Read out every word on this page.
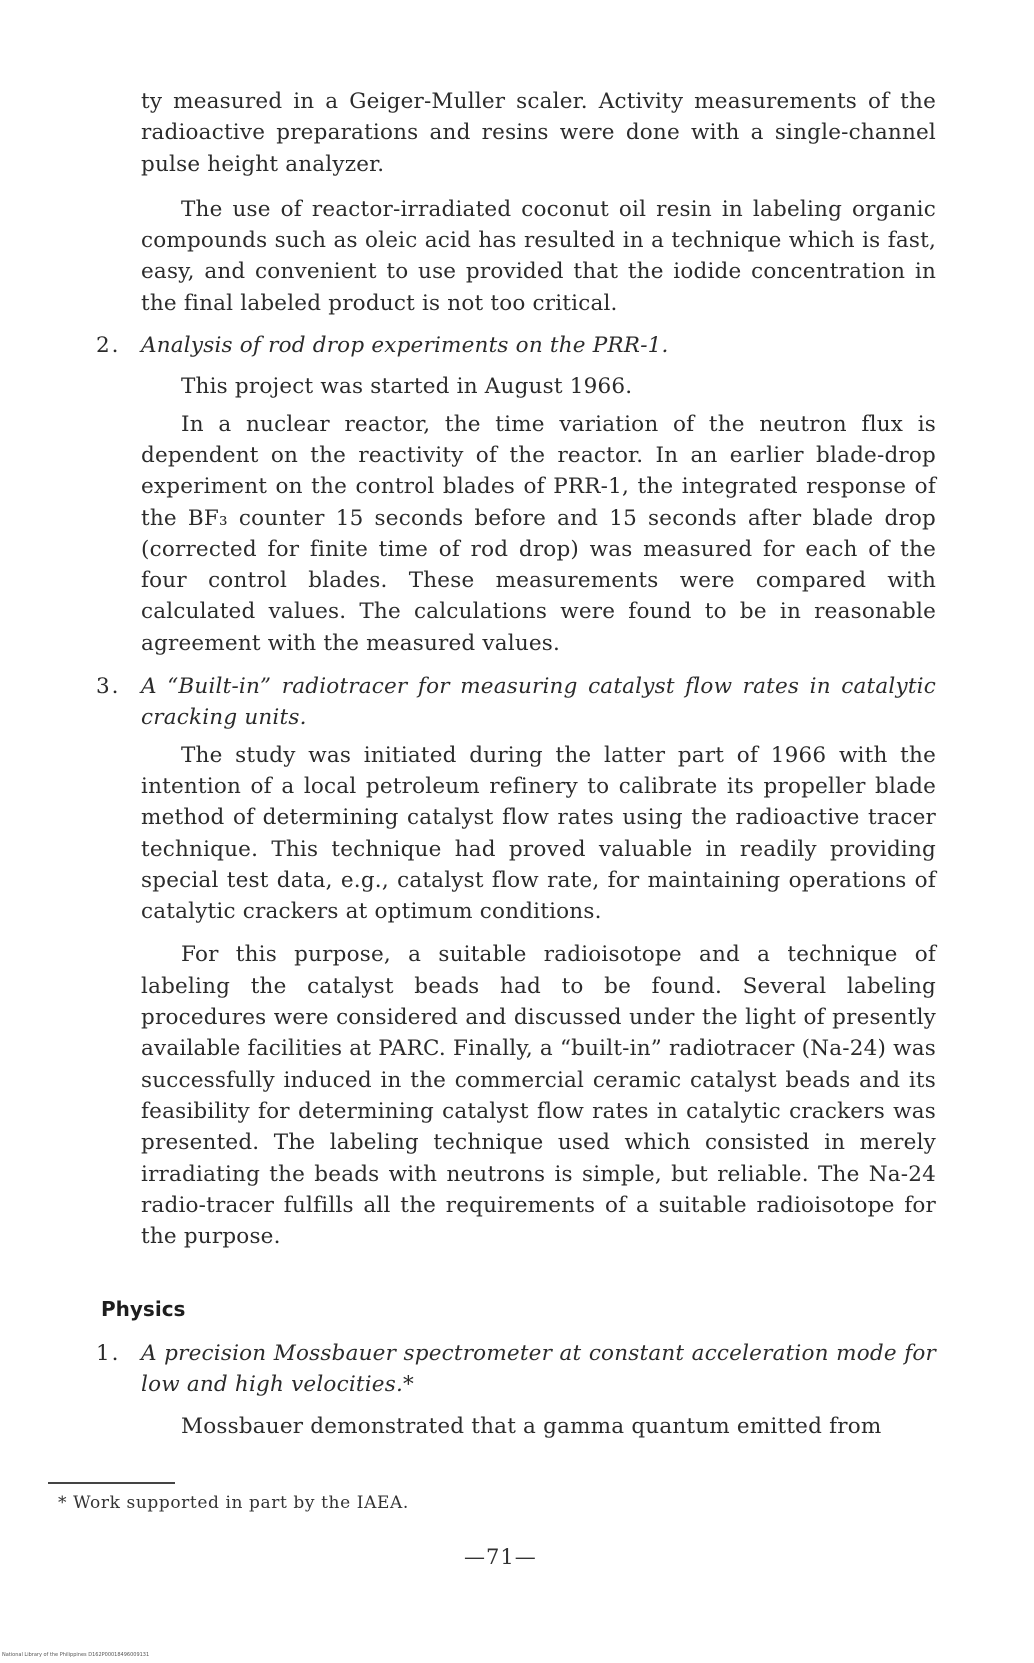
ty measured in a Geiger-Muller scaler. Activity measurements of the radioactive preparations and resins were done with a single-channel pulse height analyzer.

The use of reactor-irradiated coconut oil resin in labeling organic compounds such as oleic acid has resulted in a technique which is fast, easy, and convenient to use provided that the iodide concentration in the final labeled product is not too critical.

2. Analysis of rod drop experiments on the PRR-1.

This project was started in August 1966.

In a nuclear reactor, the time variation of the neutron flux is dependent on the reactivity of the reactor. In an earlier blade-drop experiment on the control blades of PRR-1, the integrated response of the BF₃ counter 15 seconds before and 15 seconds after blade drop (corrected for finite time of rod drop) was measured for each of the four control blades. These measurements were compared with calculated values. The calculations were found to be in reasonable agreement with the measured values.

3. A “Built-in” radiotracer for measuring catalyst flow rates in catalytic cracking units.

The study was initiated during the latter part of 1966 with the intention of a local petroleum refinery to calibrate its propeller blade method of determining catalyst flow rates using the radioactive tracer technique. This technique had proved valuable in readily providing special test data, e.g., catalyst flow rate, for maintaining operations of catalytic crackers at optimum conditions.

For this purpose, a suitable radioisotope and a technique of labeling the catalyst beads had to be found. Several labeling procedures were considered and discussed under the light of presently available facilities at PARC. Finally, a “built-in” radiotracer (Na-24) was successfully induced in the commercial ceramic catalyst beads and its feasibility for determining catalyst flow rates in catalytic crackers was presented. The labeling technique used which consisted in merely irradiating the beads with neutrons is simple, but reliable. The Na-24 radio-tracer fulfills all the requirements of a suitable radioisotope for the purpose.

Physics
1. A precision Mossbauer spectrometer at constant acceleration mode for low and high velocities.*

Mossbauer demonstrated that a gamma quantum emitted from

* Work supported in part by the IAEA.
—71—
National Library of the Philippines D162P00018496009131
